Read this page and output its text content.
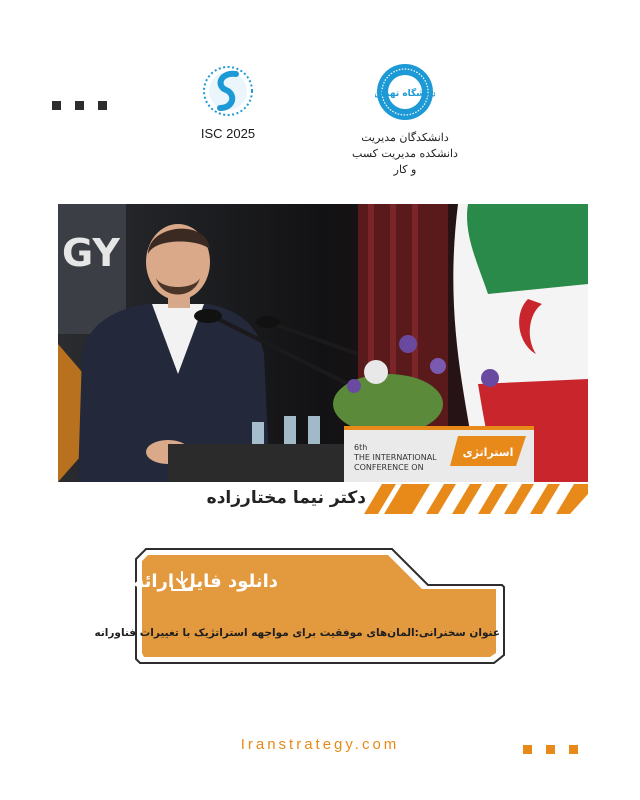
ISC 2025
دانشگاه تهران
دانشکدگان مدیریت
دانشکده مدیریت کسب و کار
GY
6th
THE INTERNATIONAL
CONFERENCE ON
استراتژی
دکتر نیما مختارزاده
دانلود فایل ارائه
عنوان سخنرانی:المان‌های موفقیت برای مواجهه استراتژیک با تغییرات فناورانه
Iranstrategy.com
